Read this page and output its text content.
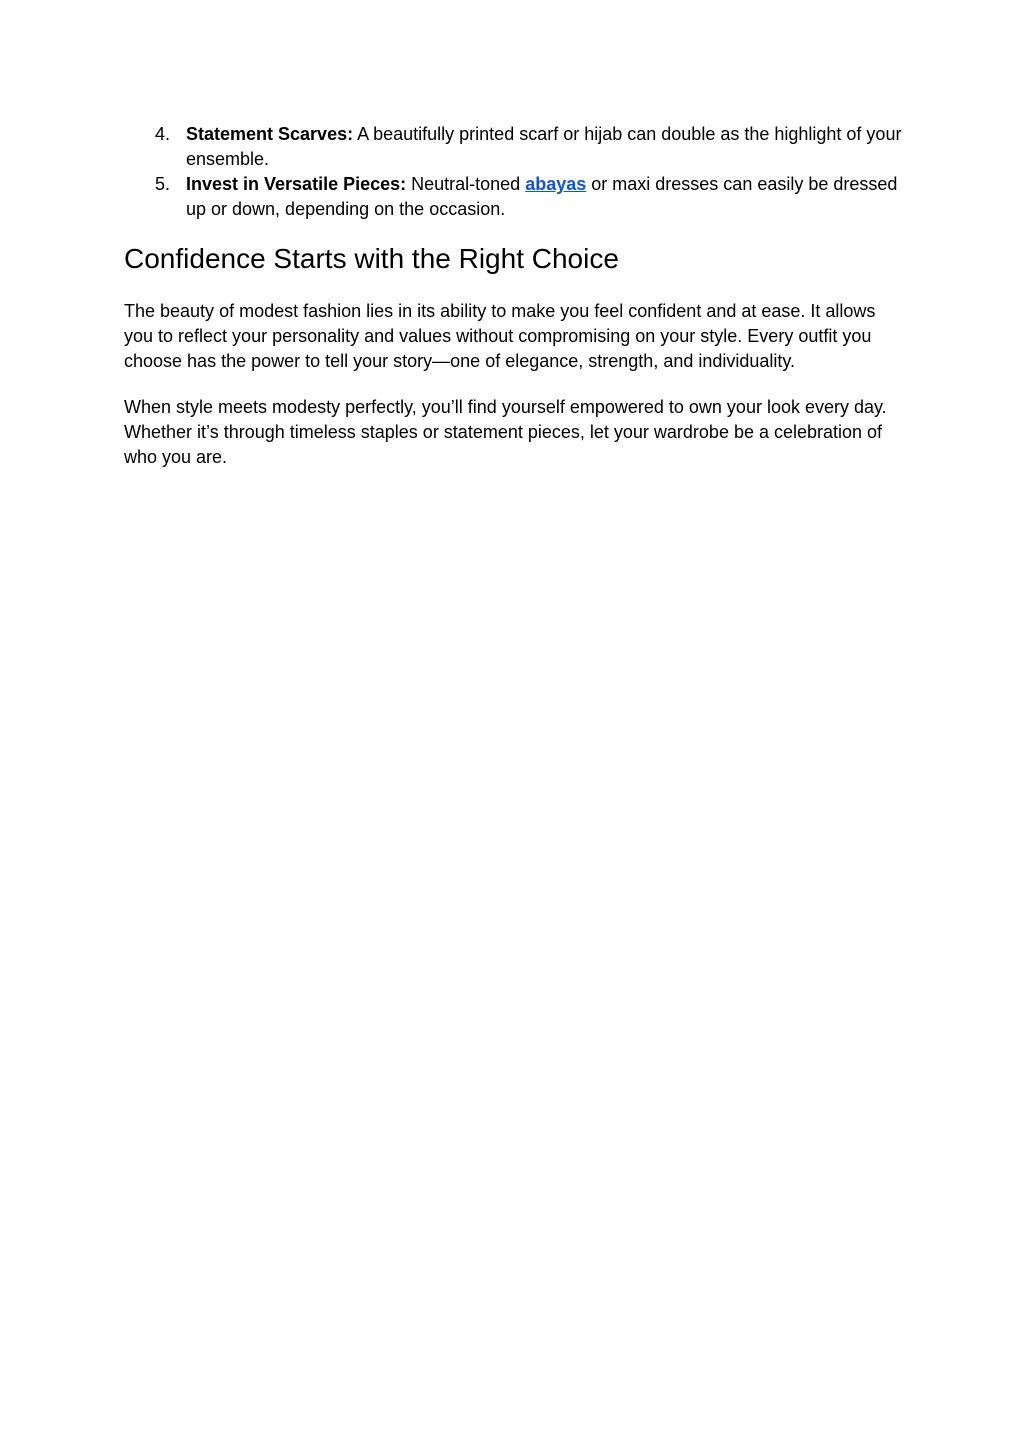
4. Statement Scarves: A beautifully printed scarf or hijab can double as the highlight of your ensemble.
5. Invest in Versatile Pieces: Neutral-toned abayas or maxi dresses can easily be dressed up or down, depending on the occasion.
Confidence Starts with the Right Choice

The beauty of modest fashion lies in its ability to make you feel confident and at ease. It allows you to reflect your personality and values without compromising on your style. Every outfit you choose has the power to tell your story—one of elegance, strength, and individuality.

When style meets modesty perfectly, you’ll find yourself empowered to own your look every day. Whether it’s through timeless staples or statement pieces, let your wardrobe be a celebration of who you are.
